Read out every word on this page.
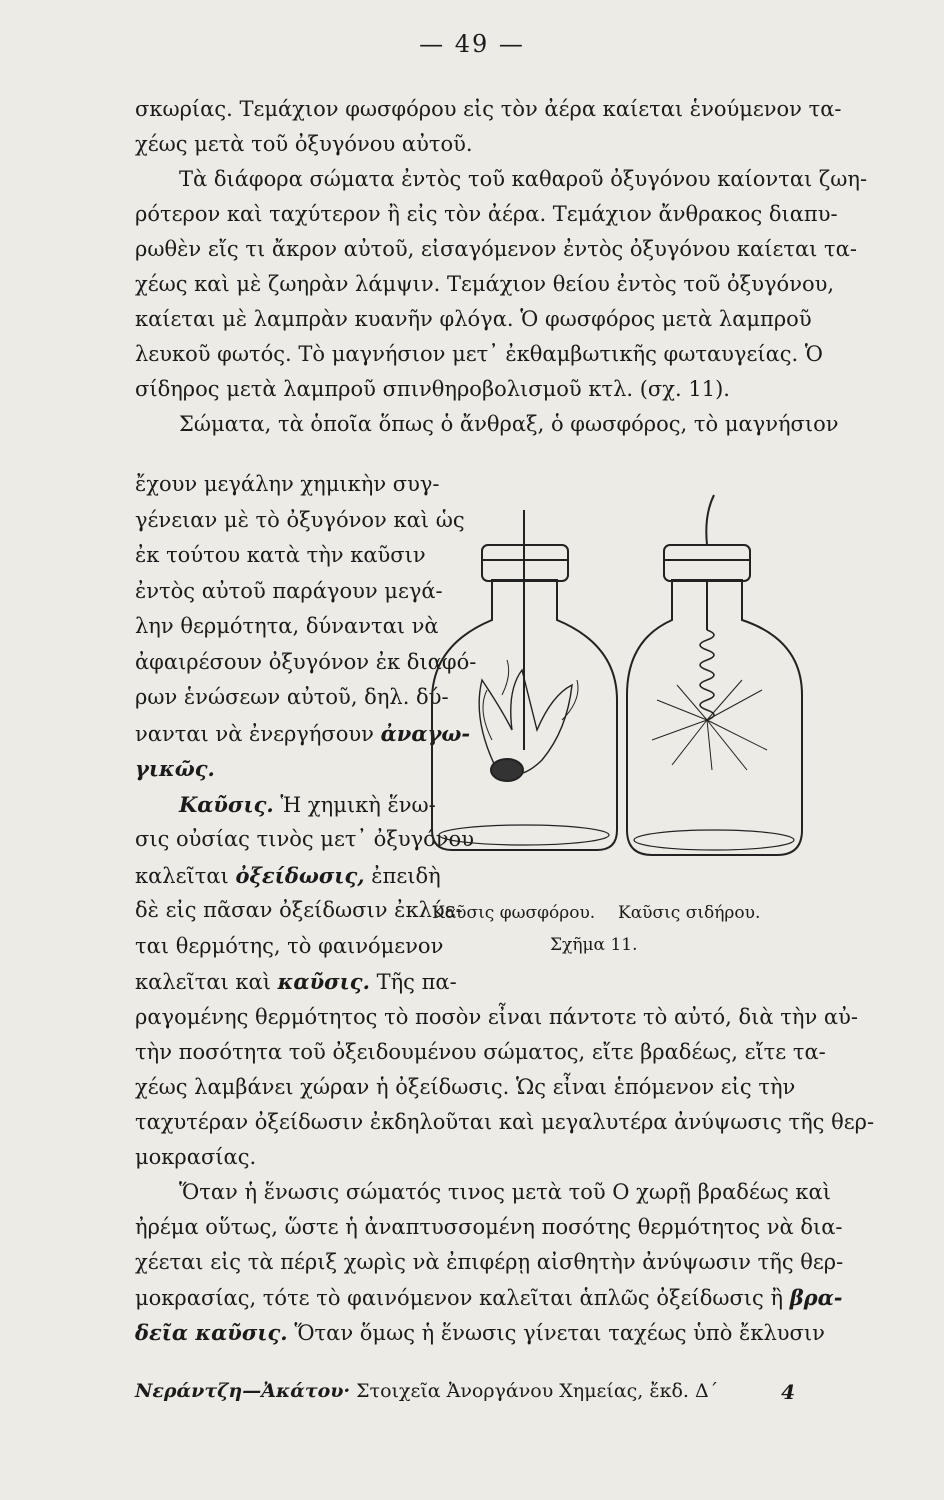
— 49 —
σκωρίας. Τεμάχιον φωσφόρου εἰς τὸν ἀέρα καίεται ἑνούμενον τα-
χέως μετὰ τοῦ ὀξυγόνου αὐτοῦ.
Τὰ διάφορα σώματα ἐντὸς τοῦ καθαροῦ ὀξυγόνου καίονται ζωη-
ρότερον καὶ ταχύτερον ἢ εἰς τὸν ἀέρα. Τεμάχιον ἄνθρακος διαπυ-
ρωθὲν εἴς τι ἄκρον αὐτοῦ, εἰσαγόμενον ἐντὸς ὀξυγόνου καίεται τα-
χέως καὶ μὲ ζωηρὰν λάμψιν. Τεμάχιον θείου ἐντὸς τοῦ ὀξυγόνου,
καίεται μὲ λαμπρὰν κυανῆν φλόγα. Ὁ φωσφόρος μετὰ λαμπροῦ
λευκοῦ φωτός. Τὸ μαγνήσιον μετ᾽ ἐκθαμβωτικῆς φωταυγείας. Ὁ
σίδηρος μετὰ λαμπροῦ σπινθηροβολισμοῦ κτλ. (σχ. 11).
Σώματα, τὰ ὁποῖα ὅπως ὁ ἄνθραξ, ὁ φωσφόρος, τὸ μαγνήσιον
ἔχουν μεγάλην χημικὴν συγ-
γένειαν μὲ τὸ ὀξυγόνον καὶ ὡς
ἐκ τούτου κατὰ τὴν καῦσιν
ἐντὸς αὐτοῦ παράγουν μεγά-
λην θερμότητα, δύνανται νὰ
ἀφαιρέσουν ὀξυγόνον ἐκ διαφό-
ρων ἑνώσεων αὐτοῦ, δηλ. δύ-
νανται νὰ ἐνεργήσουν ἀναγω-
γικῶς.
Καῦσις. Ἡ χημικὴ ἕνω-
σις οὐσίας τινὸς μετ᾽ ὀξυγόνου
καλεῖται ὀξείδωσις, ἐπειδὴ
δὲ εἰς πᾶσαν ὀξείδωσιν ἐκλύε-
ται θερμότης, τὸ φαινόμενον
καλεῖται καὶ καῦσις. Τῆς πα-
Καῦσις φωσφόρου. Καῦσις σιδήρου.
Σχῆμα 11.
ραγομένης θερμότητος τὸ ποσὸν εἶναι πάντοτε τὸ αὐτό, διὰ τὴν αὐ-
τὴν ποσότητα τοῦ ὀξειδουμένου σώματος, εἴτε βραδέως, εἴτε τα-
χέως λαμβάνει χώραν ἡ ὀξείδωσις. Ὡς εἶναι ἑπόμενον εἰς τὴν
ταχυτέραν ὀξείδωσιν ἐκδηλοῦται καὶ μεγαλυτέρα ἀνύψωσις τῆς θερ-
μοκρασίας.
Ὅταν ἡ ἕνωσις σώματός τινος μετὰ τοῦ Ο χωρῇ βραδέως καὶ
ἠρέμα οὕτως, ὥστε ἡ ἀναπτυσσομένη ποσότης θερμότητος νὰ δια-
χέεται εἰς τὰ πέριξ χωρὶς νὰ ἐπιφέρῃ αἰσθητὴν ἀνύψωσιν τῆς θερ-
μοκρασίας, τότε τὸ φαινόμενον καλεῖται ἁπλῶς ὀξείδωσις ἢ βρα-
δεῖα καῦσις. Ὅταν ὅμως ἡ ἕνωσις γίνεται ταχέως ὑπὸ ἔκλυσιν
Νεράντζη—Ἀκάτου· Στοιχεῖα Ἀνοργάνου Χημείας, ἔκδ. Δ´	4
